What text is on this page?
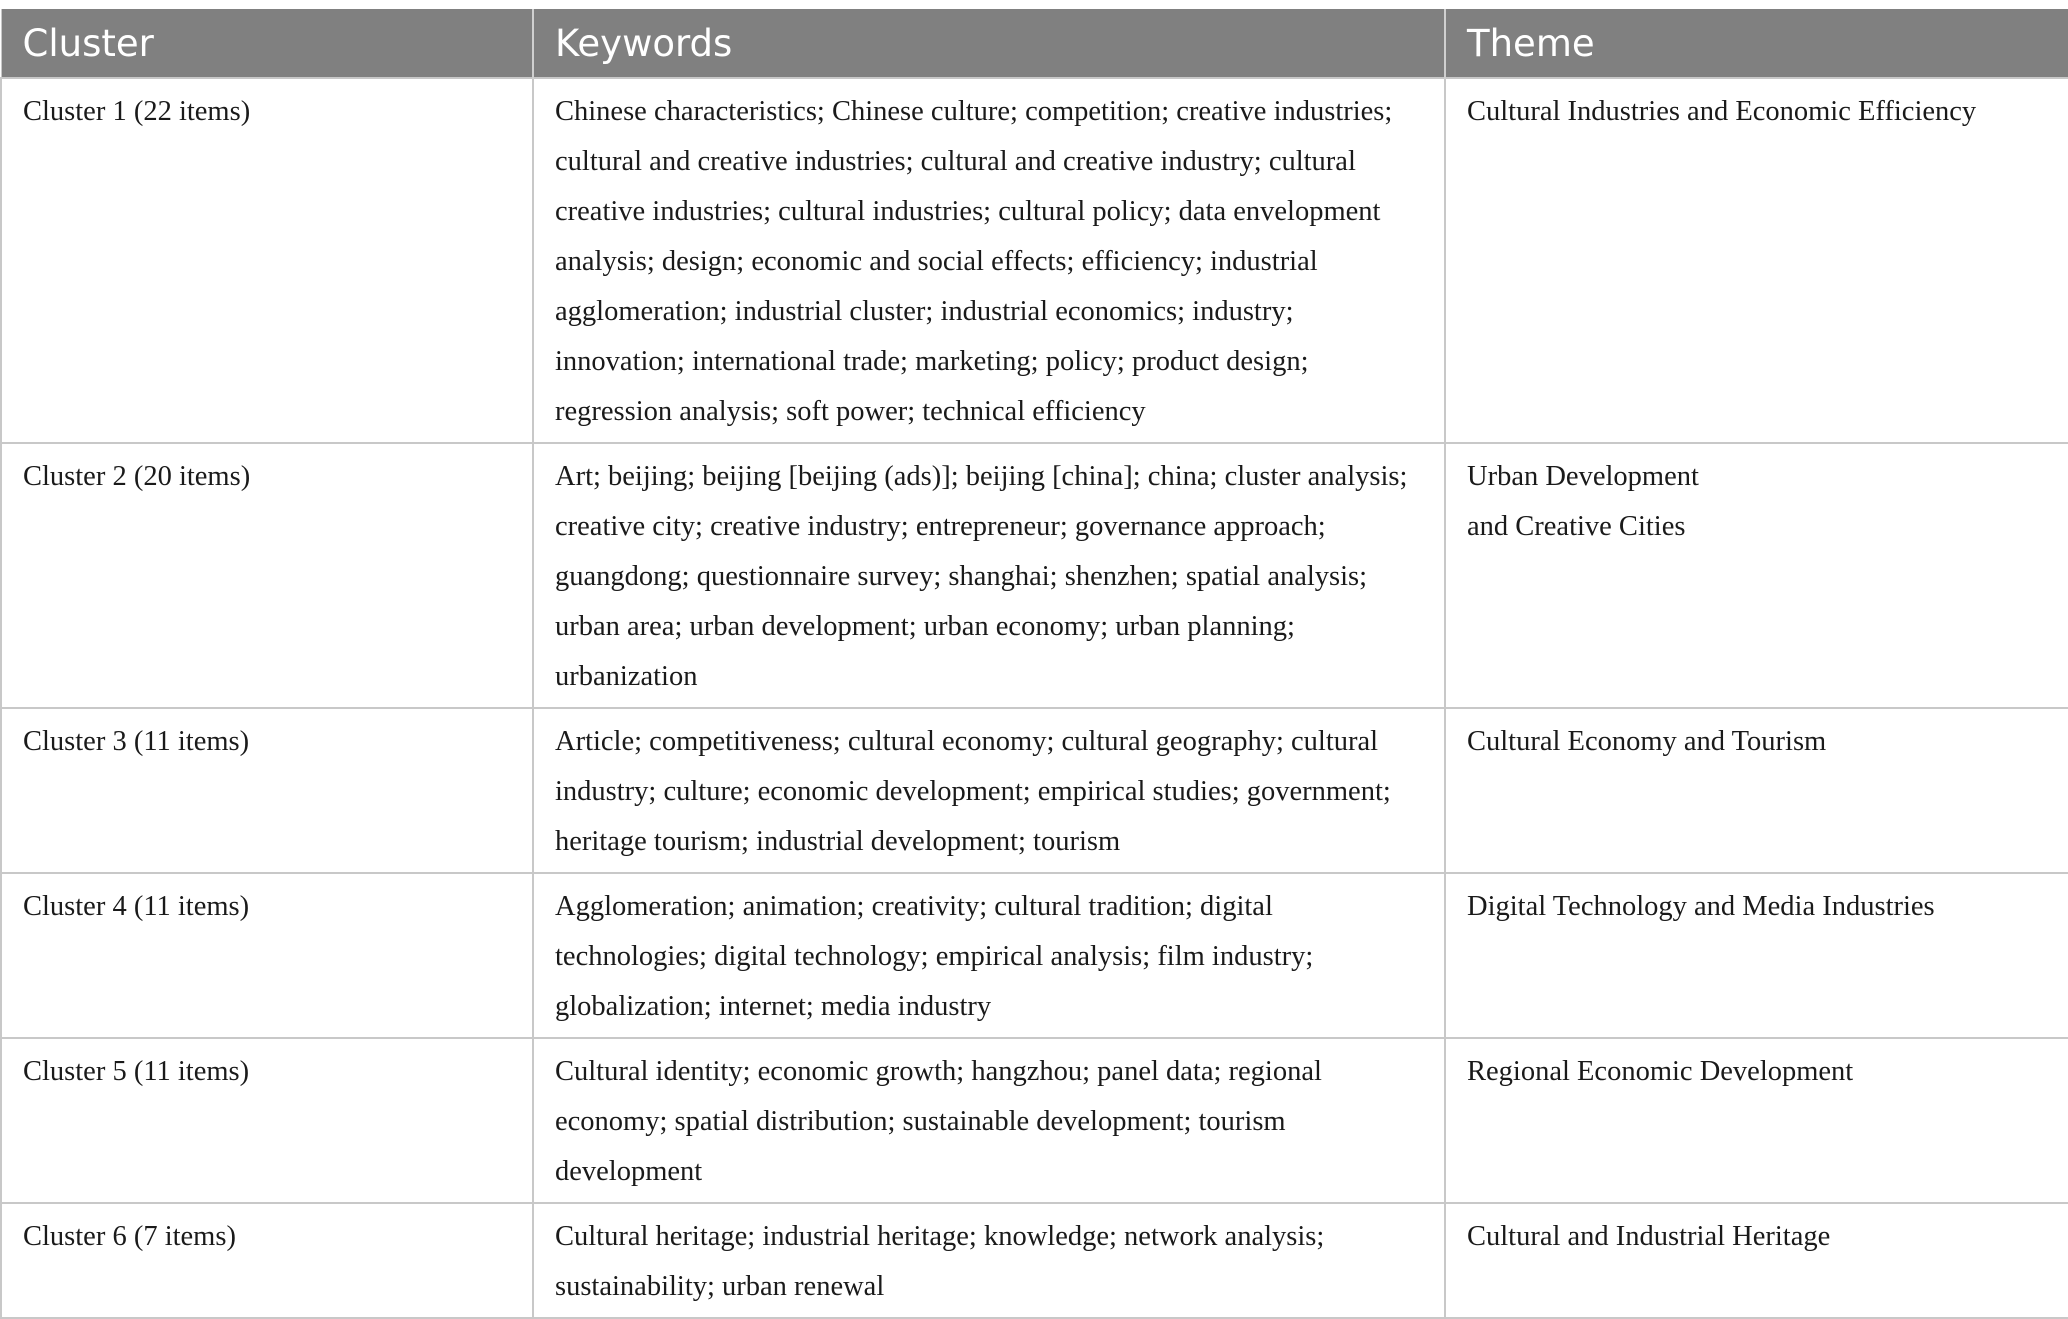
Cluster	Keywords	Theme
Cluster 1 (22 items)	Chinese characteristics; Chinese culture; competition; creative industries; cultural and creative industries; cultural and creative industry; cultural creative industries; cultural industries; cultural policy; data envelopment analysis; design; economic and social effects; efficiency; industrial agglomeration; industrial cluster; industrial economics; industry; innovation; international trade; marketing; policy; product design; regression analysis; soft power; technical efficiency	Cultural Industries and Economic Efficiency

Cluster 2 (20 items)	Art; beijing; beijing [beijing (ads)]; beijing [china]; china; cluster analysis; creative city; creative industry; entrepreneur; governance approach; guangdong; questionnaire survey; shanghai; shenzhen; spatial analysis; urban area; urban development; urban economy; urban planning; urbanization	Urban Development
and Creative Cities

Cluster 3 (11 items)	Article; competitiveness; cultural economy; cultural geography; cultural industry; culture; economic development; empirical studies; government; heritage tourism; industrial development; tourism	Cultural Economy and Tourism

Cluster 4 (11 items)	Agglomeration; animation; creativity; cultural tradition; digital technologies; digital technology; empirical analysis; film industry; globalization; internet; media industry	Digital Technology and Media Industries

Cluster 5 (11 items)	Cultural identity; economic growth; hangzhou; panel data; regional economy; spatial distribution; sustainable development; tourism development	Regional Economic Development

Cluster 6 (7 items)	Cultural heritage; industrial heritage; knowledge; network analysis; sustainability; urban renewal	Cultural and Industrial Heritage
